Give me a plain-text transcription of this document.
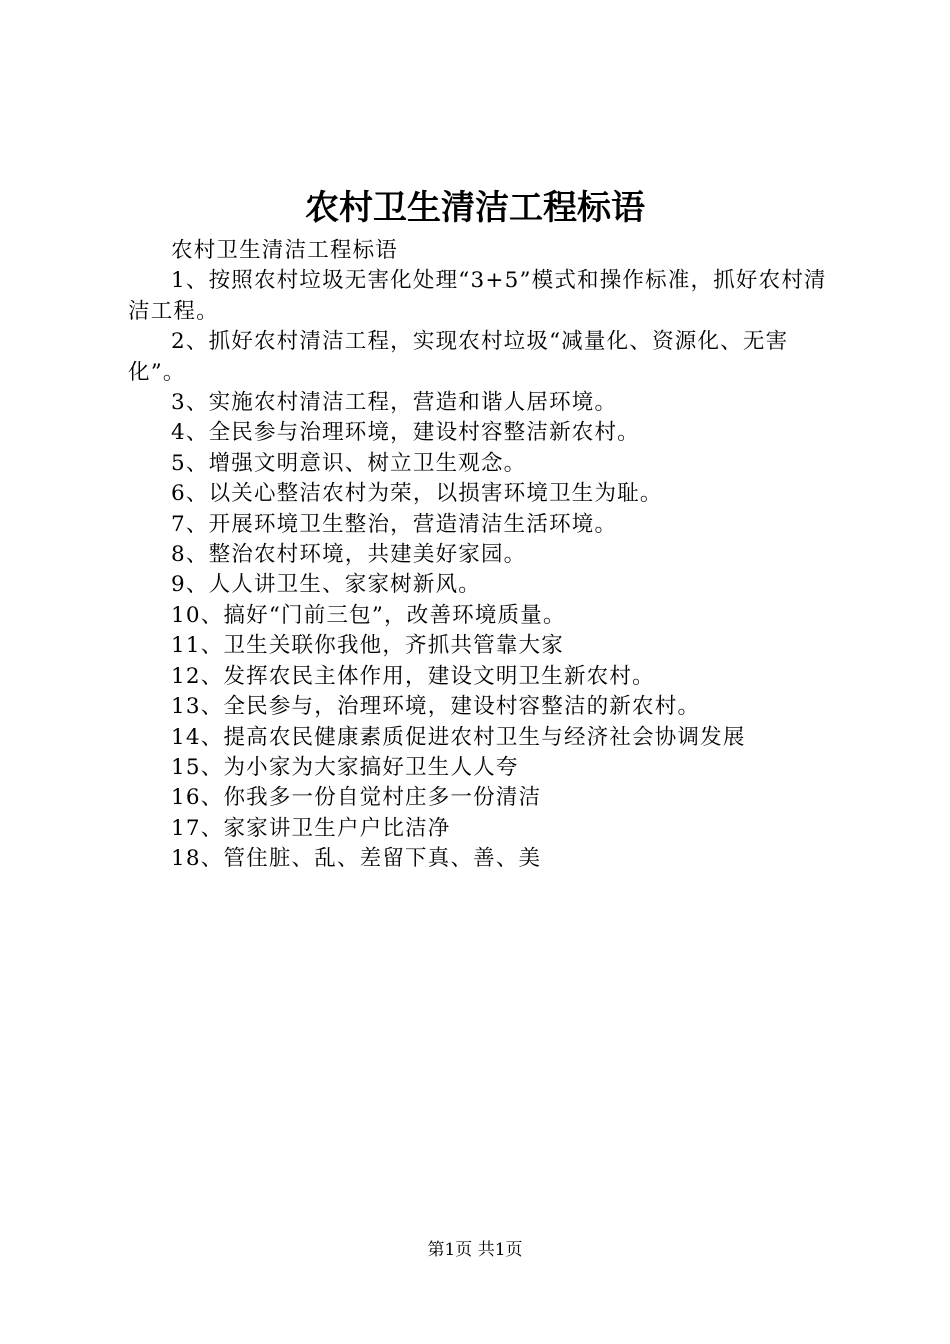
农村卫生清洁工程标语

农村卫生清洁工程标语

1、按照农村垃圾无害化处理“3+5”模式和操作标准，抓好农村清洁工程。

2、抓好农村清洁工程，实现农村垃圾“减量化、资源化、无害化”。

3、实施农村清洁工程，营造和谐人居环境。

4、全民参与治理环境，建设村容整洁新农村。

5、增强文明意识、树立卫生观念。

6、以关心整洁农村为荣，以损害环境卫生为耻。

7、开展环境卫生整治，营造清洁生活环境。

8、整治农村环境，共建美好家园。

9、人人讲卫生、家家树新风。

10、搞好“门前三包”，改善环境质量。

11、卫生关联你我他，齐抓共管靠大家

12、发挥农民主体作用，建设文明卫生新农村。

13、全民参与，治理环境，建设村容整洁的新农村。

14、提高农民健康素质促进农村卫生与经济社会协调发展

15、为小家为大家搞好卫生人人夸

16、你我多一份自觉村庄多一份清洁

17、家家讲卫生户户比洁净

18、管住脏、乱、差留下真、善、美

第1页 共1页
